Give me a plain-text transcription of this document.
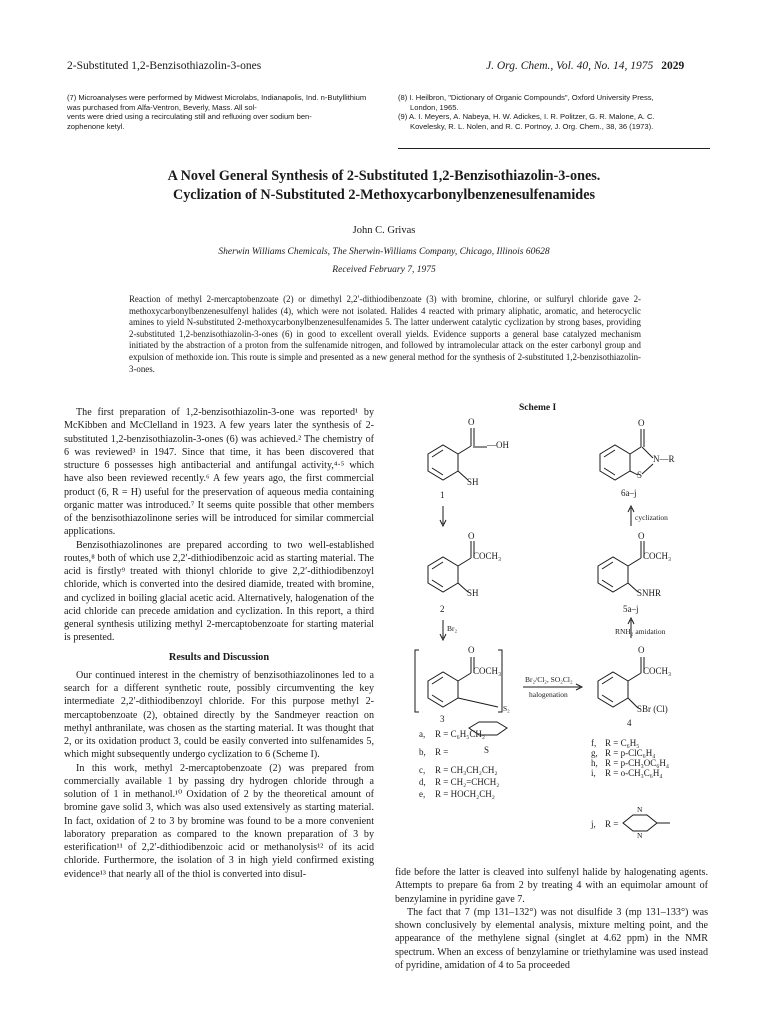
2-Substituted 1,2-Benzisothiazolin-3-ones	J. Org. Chem., Vol. 40, No. 14, 1975 2029

(7) Microanalyses were performed by Midwest Microlabs, Indianapolis, Ind. n-Butyllithium was purchased from Alfa-Ventron, Beverly, Mass. All sol-

vents were dried using a recirculating still and refluxing over sodium ben-

zophenone ketyl.

(8) I. Heilbron, "Dictionary of Organic Compounds", Oxford University Press,

London, 1965.

(9) A. I. Meyers, A. Nabeya, H. W. Adickes, I. R. Politzer, G. R. Malone, A. C.

Kovelesky, R. L. Nolen, and R. C. Portnoy, J. Org. Chem., 38, 36 (1973).

A Novel General Synthesis of 2-Substituted 1,2-Benzisothiazolin-3-ones.
Cyclization of N-Substituted 2-Methoxycarbonylbenzenesulfenamides
John C. Grivas
Sherwin Williams Chemicals, The Sherwin-Williams Company, Chicago, Illinois 60628
Received February 7, 1975
Reaction of methyl 2-mercaptobenzoate (2) or dimethyl 2,2′-dithiodibenzoate (3) with bromine, chlorine, or sulfuryl chloride gave 2-methoxycarbonylbenzenesulfenyl halides (4), which were not isolated. Halides 4 reacted with primary aliphatic, aromatic, and heterocyclic amines to yield N-substituted 2-methoxycarbonylbenzenesulfenamides 5. The latter underwent catalytic cyclization by strong bases, providing 2-substituted 1,2-benzisothiazolin-3-ones (6) in good to excellent overall yields. Evidence supports a general base catalyzed mechanism initiated by the abstraction of a proton from the sulfenamide nitrogen, and followed by intramolecular attack on the ester carbonyl group and expulsion of methoxide ion. This route is simple and presented as a new general method for the synthesis of 2-substituted 1,2-benzisothiazolin-3-ones.

The first preparation of 1,2-benzisothiazolin-3-one was reported¹ by McKibben and McClelland in 1923. A few years later the synthesis of 2-substituted 1,2-benzisothiazolin-3-ones (6) was achieved.² The chemistry of 6 was reviewed³ in 1947. Since that time, it has been discovered that structure 6 possesses high antibacterial and antifungal activity,⁴·⁵ which have also been reviewed recently.⁶ A few years ago, the first commercial product (6, R = H) useful for the preservation of aqueous media containing organic matter was introduced.⁷ It seems quite possible that other members of the benzisothiazolinone series will be introduced for similar commercial applications.

Benzisothiazolinones are prepared according to two well-established routes,⁸ both of which use 2,2′-dithiodibenzoic acid as starting material. The acid is firstly⁹ treated with thionyl chloride to give 2,2′-dithiodibenzoyl chloride, which is converted into the desired diamide, treated with bromine, and cyclized in boiling glacial acetic acid. Alternatively, halogenation of the acid chloride can precede amidation and cyclization. In this report, a third general synthesis utilizing methyl 2-mercaptobenzoate for starting material is presented.

Results and Discussion

Our continued interest in the chemistry of benzisothiazolinones led to a search for a different synthetic route, possibly circumventing the key intermediate 2,2′-dithiodibenzoyl chloride. For this purpose methyl 2-mercaptobenzoate (2), obtained directly by the Sandmeyer reaction on methyl anthranilate, was chosen as the starting material. It was thought that 2, or its oxidation product 3, could be easily converted into sulfenamides 5, which might subsequently undergo cyclization to 6 (Scheme I).

In this work, methyl 2-mercaptobenzoate (2) was prepared from commercially available 1 by passing dry hydrogen chloride through a solution of 1 in methanol.¹⁰ Oxidation of 2 by the theoretical amount of bromine gave solid 3, which was also used extensively as starting material. In fact, oxidation of 2 to 3 by bromine was found to be a more convenient laboratory preparation as compared to the known preparation of 3 by esterification¹¹ of 2,2′-dithiodibenzoic acid or methanolysis¹² of its acid chloride. Furthermore, the isolation of 3 in high yield confirmed existing evidence¹³ that nearly all of the thiol is converted into disul-	fide before the latter is cleaved into sulfenyl halide by halogenating agents. Attempts to prepare 6a from 2 by treating 4 with an equimolar amount of benzylamine in pyridine gave 7.

The fact that 7 (mp 131–132°) was not disulfide 3 (mp 131–133°) was shown conclusively by elemental analysis, mixture melting point, and the appearance of the methylene signal (singlet at 4.62 ppm) in the NMR spectrum. When an excess of benzylamine or triethylamine was used instead of pyridine, amidation of 4 to 5a proceeded

Scheme I
O
—OH
SH
1
O
COCH₃
SH
2
Br₂
O
COCH₃
S₂
3
Br₂/Cl₂, SO₂Cl₂
halogenation
O
COCH₃
SBr (Cl)
4
RNH₂ amidation
O
COCH₃
SNHR
5a–j
cyclization
O
N—R
S
6a–j
a, R = C₆H₅CH₂
b, R =
c, R = CH₃CH₂CH₂
d, R = CH₂=CHCH₂
e, R = HOCH₂CH₂
S
f, R = C₆H₅
g, R = p-ClC₆H₄
h, R = p-CH₃OC₆H₄
i, R = o-CH₃C₆H₄
j, R =
N
N
